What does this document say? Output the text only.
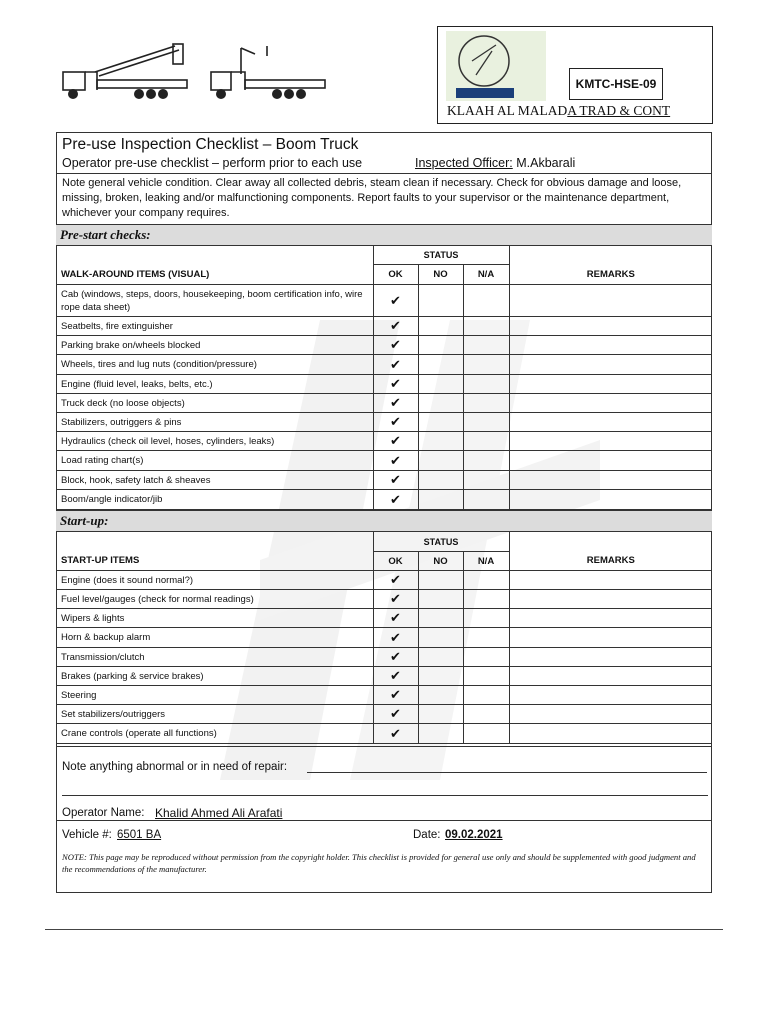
KMTC-HSE-09
KLAAH AL MALADA TRAD & CONT
Pre-use Inspection Checklist – Boom Truck
Operator pre-use checklist – perform prior to each use	Inspected Officer: M.Akbarali
Note general vehicle condition. Clear away all collected debris, steam clean if necessary. Check for obvious damage and loose, missing, broken, leaking and/or malfunctioning components. Report faults to your supervisor or the maintenance department, whichever your company requires.
Pre-start checks:
	STATUS			
WALK-AROUND ITEMS (VISUAL)	OK	NO	N/A	REMARKS
Cab (windows, steps, doors, housekeeping, boom certification info, wire rope data sheet)	✔			
Seatbelts, fire extinguisher	✔			
Parking brake on/wheels blocked	✔			
Wheels, tires and lug nuts (condition/pressure)	✔			
Engine (fluid level, leaks, belts, etc.)	✔			
Truck deck (no loose objects)	✔			
Stabilizers, outriggers & pins	✔			
Hydraulics (check oil level, hoses, cylinders, leaks)	✔			
Load rating chart(s)	✔			
Block, hook, safety latch & sheaves	✔			
Boom/angle indicator/jib	✔			
Start-up:
	STATUS			
START-UP ITEMS	OK	NO	N/A	REMARKS
Engine (does it sound normal?)	✔			
Fuel level/gauges (check for normal readings)	✔			
Wipers & lights	✔			
Horn & backup alarm	✔			
Transmission/clutch	✔			
Brakes (parking & service brakes)	✔			
Steering	✔			
Set stabilizers/outriggers	✔			
Crane controls (operate all functions)	✔			
Note anything abnormal or in need of repair:
Operator Name: Khalid Ahmed Ali Arafati
Vehicle #: 6501 BA	Date: 09.02.2021
NOTE: This page may be reproduced without permission from the copyright holder. This checklist is provided for general use only and should be supplemented with good judgment and the recommendations of the manufacturer.
